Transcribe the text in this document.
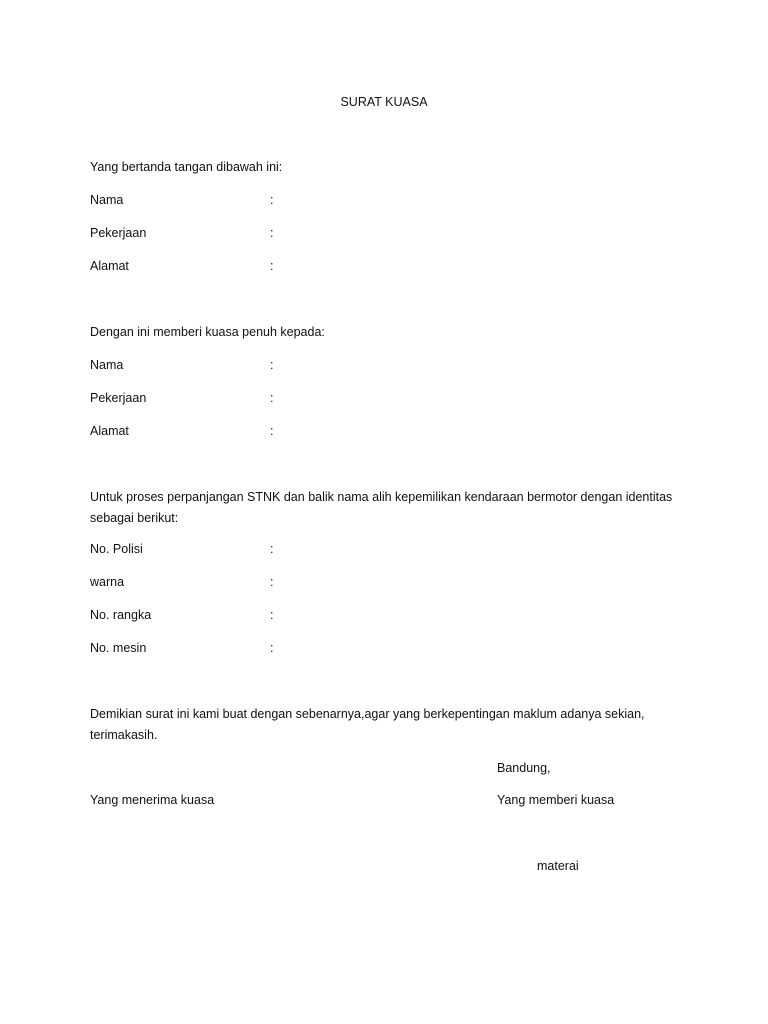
SURAT KUASA
Yang bertanda tangan dibawah ini:
Nama	:
Pekerjaan	:
Alamat	:
Dengan ini memberi kuasa penuh kepada:
Nama	:
Pekerjaan	:
Alamat	:
Untuk proses perpanjangan STNK dan balik nama alih kepemilikan kendaraan bermotor dengan identitas
sebagai berikut:
No. Polisi	:
warna	:
No. rangka	:
No. mesin	:
Demikian surat ini kami buat dengan sebenarnya,agar yang berkepentingan maklum adanya sekian,
terimakasih.
Bandung,
Yang menerima kuasa	Yang memberi kuasa
materai
